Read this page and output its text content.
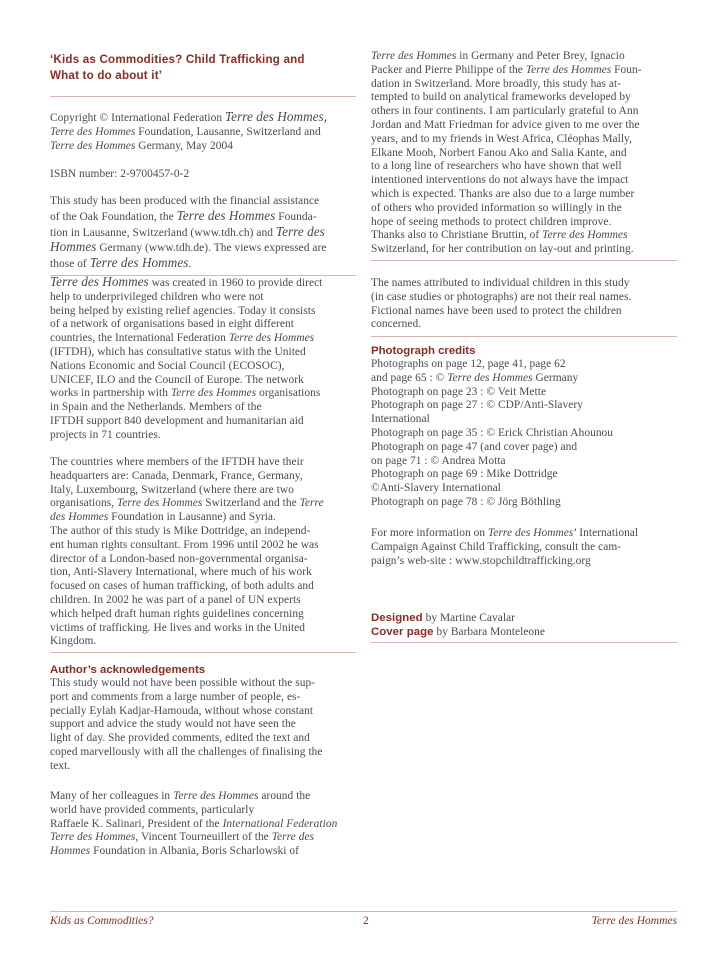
‘Kids as Commodities? Child Trafficking and
What to do about it’
Copyright © International Federation Terre des Hommes,
Terre des Hommes Foundation, Lausanne, Switzerland and
Terre des Hommes Germany, May 2004
ISBN number: 2-9700457-0-2
This study has been produced with the financial assistance
of the Oak Foundation, the Terre des Hommes Founda-
tion in Lausanne, Switzerland (www.tdh.ch) and Terre des
Hommes Germany (www.tdh.de). The views expressed are
those of Terre des Hommes.
Terre des Hommes was created in 1960 to provide direct
help to underprivileged children who were not
being helped by existing relief agencies. Today it consists
of a network of organisations based in eight different
countries, the International Federation Terre des Hommes
(IFTDH), which has consultative status with the United
Nations Economic and Social Council (ECOSOC),
UNICEF, ILO and the Council of Europe. The network
works in partnership with Terre des Hommes organisations
in Spain and the Netherlands. Members of the
IFTDH support 840 development and humanitarian aid
projects in 71 countries.
The countries where members of the IFTDH have their
headquarters are: Canada, Denmark, France, Germany,
Italy, Luxembourg, Switzerland (where there are two
organisations, Terre des Hommes Switzerland and the Terre
des Hommes Foundation in Lausanne) and Syria.
The author of this study is Mike Dottridge, an independ-
ent human rights consultant. From 1996 until 2002 he was
director of a London-based non-governmental organisa-
tion, Anti-Slavery International, where much of his work
focused on cases of human trafficking, of both adults and
children. In 2002 he was part of a panel of UN experts
which helped draft human rights guidelines concerning
victims of trafficking. He lives and works in the United
Kingdom.
Author’s acknowledgements
This study would not have been possible without the sup-
port and comments from a large number of people, es-
pecially Eylah Kadjar-Hamouda, without whose constant
support and advice the study would not have seen the
light of day. She provided comments, edited the text and
coped marvellously with all the challenges of finalising the
text.
Many of her colleagues in Terre des Hommes around the
world have provided comments, particularly
Raffaele K. Salinari, President of the International Federation
Terre des Hommes, Vincent Tourneuillert of the Terre des
Hommes Foundation in Albania, Boris Scharlowski of
Terre des Hommes in Germany and Peter Brey, Ignacio
Packer and Pierre Philippe of the Terre des Hommes Foun-
dation in Switzerland. More broadly, this study has at-
tempted to build on analytical frameworks developed by
others in four continents. I am particularly grateful to Ann
Jordan and Matt Friedman for advice given to me over the
years, and to my friends in West Africa, Cléophas Mally,
Elkane Mooh, Norbert Fanou Ako and Salia Kante, and
to a long line of researchers who have shown that well
intentioned interventions do not always have the impact
which is expected. Thanks are also due to a large number
of others who provided information so willingly in the
hope of seeing methods to protect children improve.
Thanks also to Christiane Bruttin, of Terre des Hommes
Switzerland, for her contribution on lay-out and printing.
The names attributed to individual children in this study
(in case studies or photographs) are not their real names.
Fictional names have been used to protect the children
concerned.
Photograph credits
Photographs on page 12, page 41, page 62
and page 65 : © Terre des Hommes Germany
Photograph on page 23 : © Veit Mette
Photograph on page 27 : © CDP/Anti-Slavery
International
Photograph on page 35 : © Erick Christian Ahounou
Photograph on page 47 (and cover page) and
on page 71 : © Andrea Motta
Photograph on page 69 : Mike Dottridge
©Anti-Slavery International
Photograph on page 78 : © Jörg Böthling
For more information on Terre des Hommes’ International
Campaign Against Child Trafficking, consult the cam-
paign’s web-site : www.stopchildtrafficking.org
Designed by Martine Cavalar
Cover page by Barbara Monteleone
Kids as Commodities?	2	Terre des Hommes
